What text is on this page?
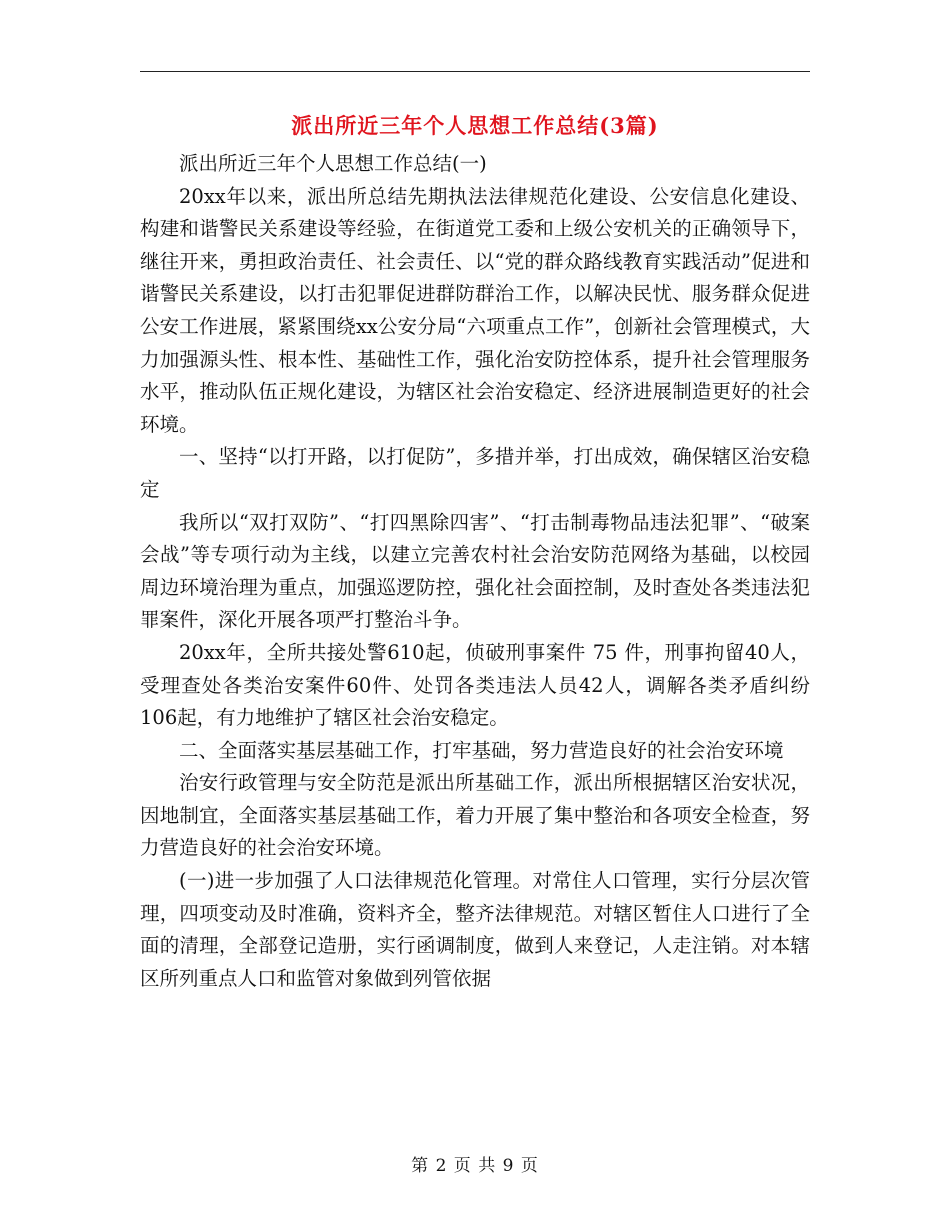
派出所近三年个人思想工作总结(3篇)

派出所近三年个人思想工作总结(一)

20xx年以来，派出所总结先期执法法律规范化建设、公安信息化建设、构建和谐警民关系建设等经验，在街道党工委和上级公安机关的正确领导下，继往开来，勇担政治责任、社会责任、以“党的群众路线教育实践活动”促进和谐警民关系建设，以打击犯罪促进群防群治工作，以解决民忧、服务群众促进公安工作进展，紧紧围绕xx公安分局“六项重点工作”，创新社会管理模式，大力加强源头性、根本性、基础性工作，强化治安防控体系，提升社会管理服务水平，推动队伍正规化建设，为辖区社会治安稳定、经济进展制造更好的社会环境。

一、坚持“以打开路，以打促防”，多措并举，打出成效，确保辖区治安稳定

我所以“双打双防”、“打四黑除四害”、“打击制毒物品违法犯罪”、“破案会战”等专项行动为主线，以建立完善农村社会治安防范网络为基础，以校园周边环境治理为重点，加强巡逻防控，强化社会面控制，及时查处各类违法犯罪案件，深化开展各项严打整治斗争。

20xx年，全所共接处警610起，侦破刑事案件 75 件，刑事拘留40人，受理查处各类治安案件60件、处罚各类违法人员42人，调解各类矛盾纠纷106起，有力地维护了辖区社会治安稳定。

二、全面落实基层基础工作，打牢基础，努力营造良好的社会治安环境

治安行政管理与安全防范是派出所基础工作，派出所根据辖区治安状况，因地制宜，全面落实基层基础工作，着力开展了集中整治和各项安全检查，努力营造良好的社会治安环境。

(一)进一步加强了人口法律规范化管理。对常住人口管理，实行分层次管理，四项变动及时准确，资料齐全，整齐法律规范。对辖区暂住人口进行了全面的清理，全部登记造册，实行函调制度，做到人来登记，人走注销。对本辖区所列重点人口和监管对象做到列管依据

第 2 页 共 9 页
